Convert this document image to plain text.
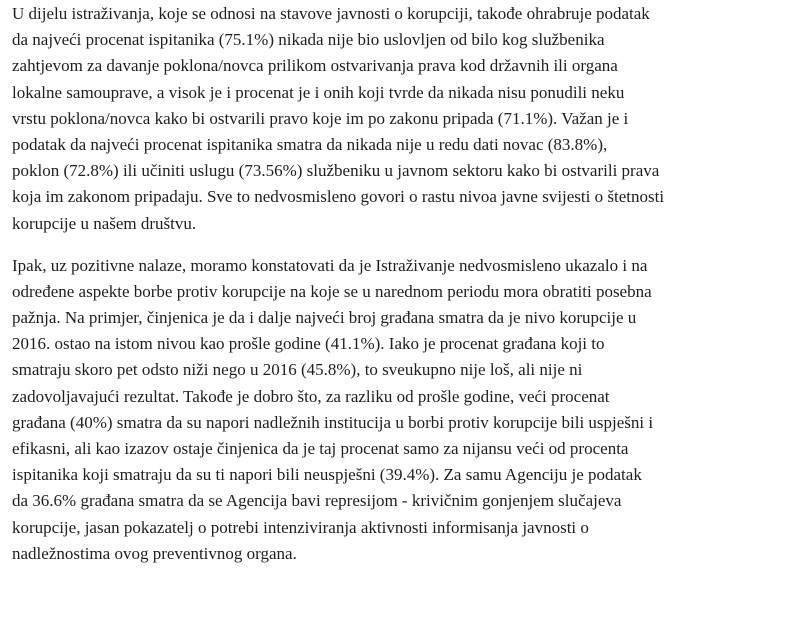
U dijelu istraživanja, koje se odnosi na stavove javnosti o korupciji, takođe ohrabruje podatak
da najveći procenat ispitanika (75.1%) nikada nije bio uslovljen od bilo kog službenika
zahtjevom za davanje poklona/novca prilikom ostvarivanja prava kod državnih ili organa
lokalne samouprave, a visok je i procenat je i onih koji tvrde da nikada nisu ponudili neku
vrstu poklona/novca kako bi ostvarili pravo koje im po zakonu pripada (71.1%). Važan je i
podatak da najveći procenat ispitanika smatra da nikada nije u redu dati novac (83.8%),
poklon (72.8%) ili učiniti uslugu (73.56%) službeniku u javnom sektoru kako bi ostvarili prava
koja im zakonom pripadaju. Sve to nedvosmisleno govori o rastu nivoa javne svijesti o štetnosti
korupcije u našem društvu.

Ipak, uz pozitivne nalaze, moramo konstatovati da je Istraživanje nedvosmisleno ukazalo i na
određene aspekte borbe protiv korupcije na koje se u narednom periodu mora obratiti posebna
pažnja. Na primjer, činjenica je da i dalje najveći broj građana smatra da je nivo korupcije u
2016. ostao na istom nivou kao prošle godine (41.1%). Iako je procenat građana koji to
smatraju skoro pet odsto niži nego u 2016 (45.8%), to sveukupno nije loš, ali nije ni
zadovoljavajući rezultat. Takođe je dobro što, za razliku od prošle godine, veći procenat
građana (40%) smatra da su napori nadležnih institucija u borbi protiv korupcije bili uspješni i
efikasni, ali kao izazov ostaje činjenica da je taj procenat samo za nijansu veći od procenta
ispitanika koji smatraju da su ti napori bili neuspješni (39.4%). Za samu Agenciju je podatak
da 36.6% građana smatra da se Agencija bavi represijom - krivičnim gonjenjem slučajeva
korupcije, jasan pokazatelj o potrebi intenziviranja aktivnosti informisanja javnosti o
nadležnostima ovog preventivnog organa.
